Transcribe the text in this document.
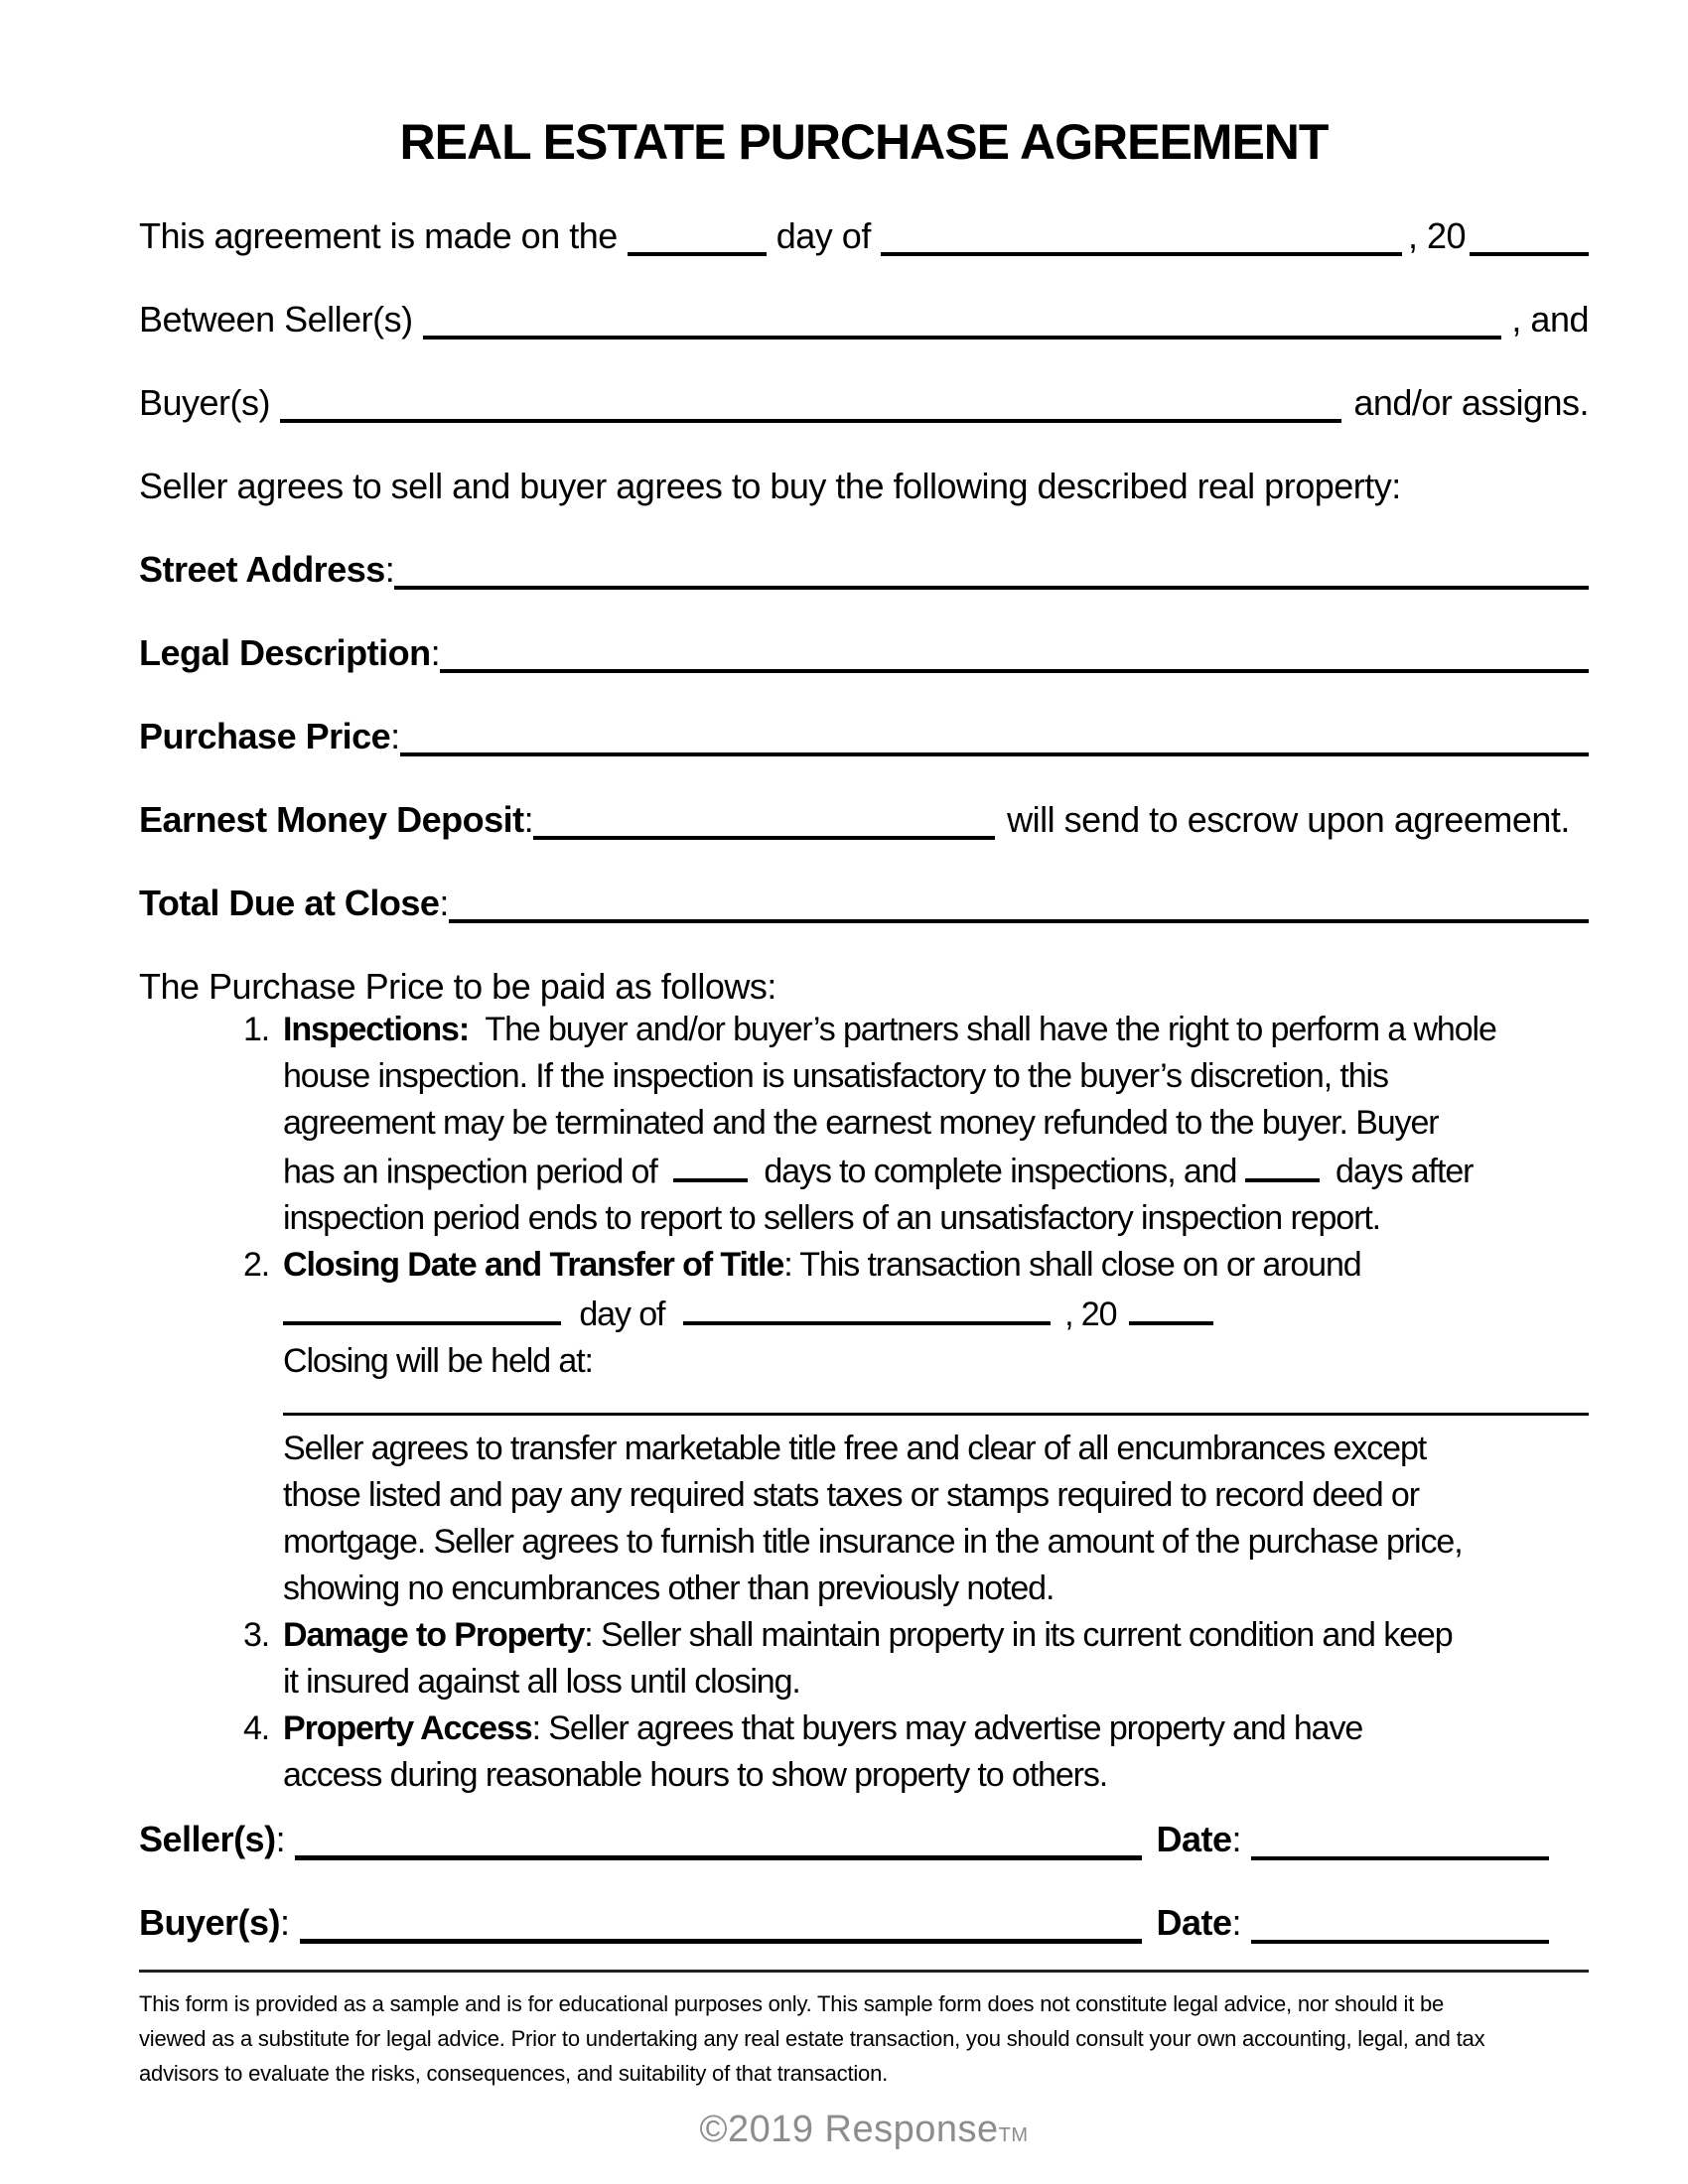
REAL ESTATE PURCHASE AGREEMENT
This agreement is made on the	day of	, 20
Between Seller(s)	, and
Buyer(s)	and/or assigns.
Seller agrees to sell and buyer agrees to buy the following described real property:
Street Address :
Legal Description :
Purchase Price :
Earnest Money Deposit :	will send to escrow upon agreement.
Total Due at Close :
The Purchase Price to be paid as follows:
1. Inspections: The buyer and/or buyer’s partners shall have the right to perform a whole
house inspection. If the inspection is unsatisfactory to the buyer’s discretion, this
agreement may be terminated and the earnest money refunded to the buyer. Buyer
has an inspection period of	days to complete inspections, and	days after
inspection period ends to report to sellers of an unsatisfactory inspection report.
2. Closing Date and Transfer of Title: This transaction shall close on or around
day of	, 20
Closing will be held at:
Seller agrees to transfer marketable title free and clear of all encumbrances except
those listed and pay any required stats taxes or stamps required to record deed or
mortgage. Seller agrees to furnish title insurance in the amount of the purchase price,
showing no encumbrances other than previously noted.
3. Damage to Property: Seller shall maintain property in its current condition and keep
it insured against all loss until closing.
4. Property Access: Seller agrees that buyers may advertise property and have
access during reasonable hours to show property to others.
Seller(s) :	Date :
Buyer(s) :	Date :
This form is provided as a sample and is for educational purposes only. This sample form does not constitute legal advice, nor should it be
viewed as a substitute for legal advice. Prior to undertaking any real estate transaction, you should consult your own accounting, legal, and tax
advisors to evaluate the risks, consequences, and suitability of that transaction.
©2019 ResponseTM
